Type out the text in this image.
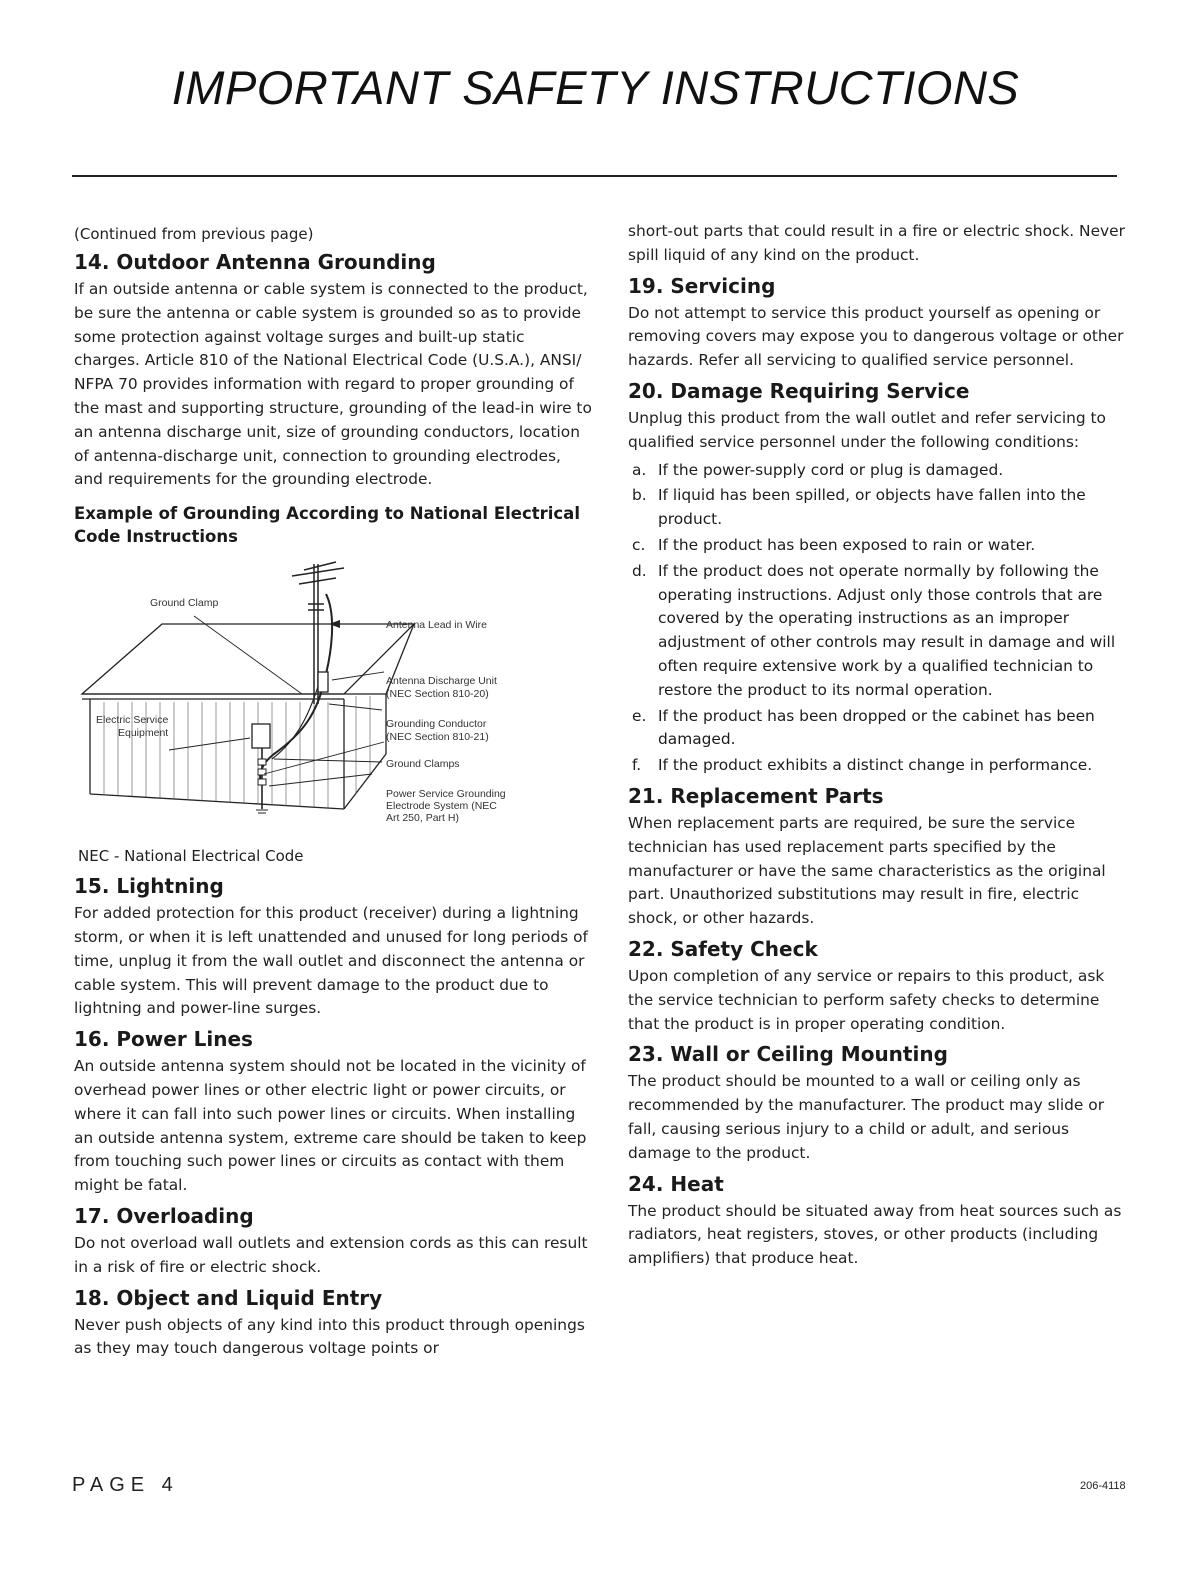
IMPORTANT SAFETY INSTRUCTIONS
(Continued from previous page)
14. Outdoor Antenna Grounding

If an outside antenna or cable system is connected to the product, be sure the antenna or cable system is grounded so as to provide some protection against voltage surges and built-up static charges. Article 810 of the National Electrical Code (U.S.A.), ANSI/ NFPA 70 provides information with regard to proper grounding of the mast and supporting structure, grounding of the lead-in wire to an antenna discharge unit, size of grounding conductors, location of antenna-discharge unit, connection to grounding electrodes, and requirements for the grounding electrode.

Example of Grounding According to National Electrical Code Instructions
Ground Clamp
Antenna Lead in Wire
Antenna Discharge Unit
(NEC Section 810-20)
Grounding Conductor
(NEC Section 810-21)
Electric Service
Equipment
Ground Clamps
Power Service Grounding
Electrode System (NEC
Art 250, Part H)
NEC - National Electrical Code
15. Lightning

For added protection for this product (receiver) during a lightning storm, or when it is left unattended and unused for long periods of time, unplug it from the wall outlet and disconnect the antenna or cable system. This will prevent damage to the product due to lightning and power-line surges.

16. Power Lines

An outside antenna system should not be located in the vicinity of overhead power lines or other electric light or power circuits, or where it can fall into such power lines or circuits. When installing an outside antenna system, extreme care should be taken to keep from touching such power lines or circuits as contact with them might be fatal.

17. Overloading

Do not overload wall outlets and extension cords as this can result in a risk of fire or electric shock.

18. Object and Liquid Entry

Never push objects of any kind into this product through openings as they may touch dangerous voltage points or

short-out parts that could result in a fire or electric shock. Never spill liquid of any kind on the product.

19. Servicing

Do not attempt to service this product yourself as opening or removing covers may expose you to dangerous voltage or other hazards. Refer all servicing to qualified service personnel.

20. Damage Requiring Service

Unplug this product from the wall outlet and refer servicing to qualified service personnel under the following conditions:

a. If the power-supply cord or plug is damaged.
b. If liquid has been spilled, or objects have fallen into the product.
c. If the product has been exposed to rain or water.
d. If the product does not operate normally by following the operating instructions. Adjust only those controls that are covered by the operating instructions as an improper adjustment of other controls may result in damage and will often require extensive work by a qualified technician to restore the product to its normal operation.
e. If the product has been dropped or the cabinet has been damaged.
f. If the product exhibits a distinct change in performance.
21. Replacement Parts

When replacement parts are required, be sure the service technician has used replacement parts specified by the manufacturer or have the same characteristics as the original part. Unauthorized substitutions may result in fire, electric shock, or other hazards.

22. Safety Check

Upon completion of any service or repairs to this product, ask the service technician to perform safety checks to determine that the product is in proper operating condition.

23. Wall or Ceiling Mounting

The product should be mounted to a wall or ceiling only as recommended by the manufacturer. The product may slide or fall, causing serious injury to a child or adult, and serious damage to the product.

24. Heat

The product should be situated away from heat sources such as radiators, heat registers, stoves, or other products (including amplifiers) that produce heat.

PAGE 4	206-4118
